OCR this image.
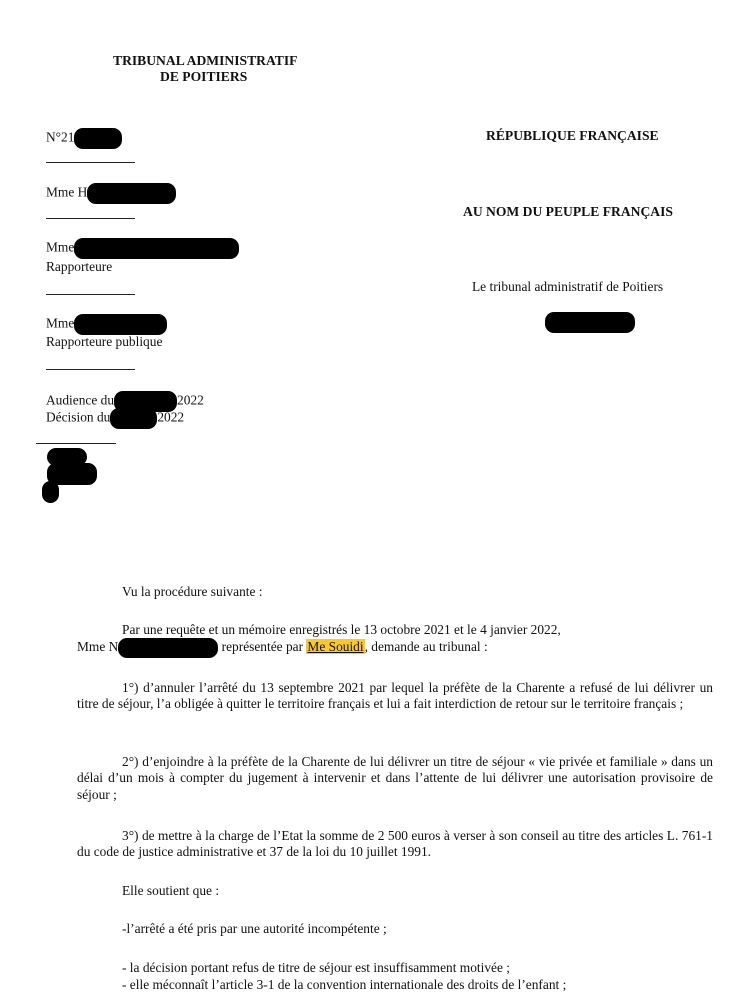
TRIBUNAL ADMINISTRATIF
DE POITIERS
RÉPUBLIQUE FRANÇAISE
AU NOM DU PEUPLE FRANÇAIS
Le tribunal administratif de Poitiers
N°21
Mme H
Mme
Rapporteure
Mme
Rapporteure publique
Audience du	2022
Décision du	2022
Vu la procédure suivante :

Par une requête et un mémoire enregistrés le 13 octobre 2021 et le 4 janvier 2022,

Mme N	représentée par Me Souidi, demande au tribunal :

1°) d’annuler l’arrêté du 13 septembre 2021 par lequel la préfète de la Charente a refusé de lui délivrer un titre de séjour, l’a obligée à quitter le territoire français et lui a fait interdiction de retour sur le territoire français ;
2°) d’enjoindre à la préfète de la Charente de lui délivrer un titre de séjour « vie privée et familiale » dans un délai d’un mois à compter du jugement à intervenir et dans l’attente de lui délivrer une autorisation provisoire de séjour ;
3°) de mettre à la charge de l’Etat la somme de 2 500 euros à verser à son conseil au titre des articles L. 761-1 du code de justice administrative et 37 de la loi du 10 juillet 1991.
Elle soutient que :
-l’arrêté a été pris par une autorité incompétente ;
- la décision portant refus de titre de séjour est insuffisamment motivée ;
- elle méconnaît l’article 3-1 de la convention internationale des droits de l’enfant ;
